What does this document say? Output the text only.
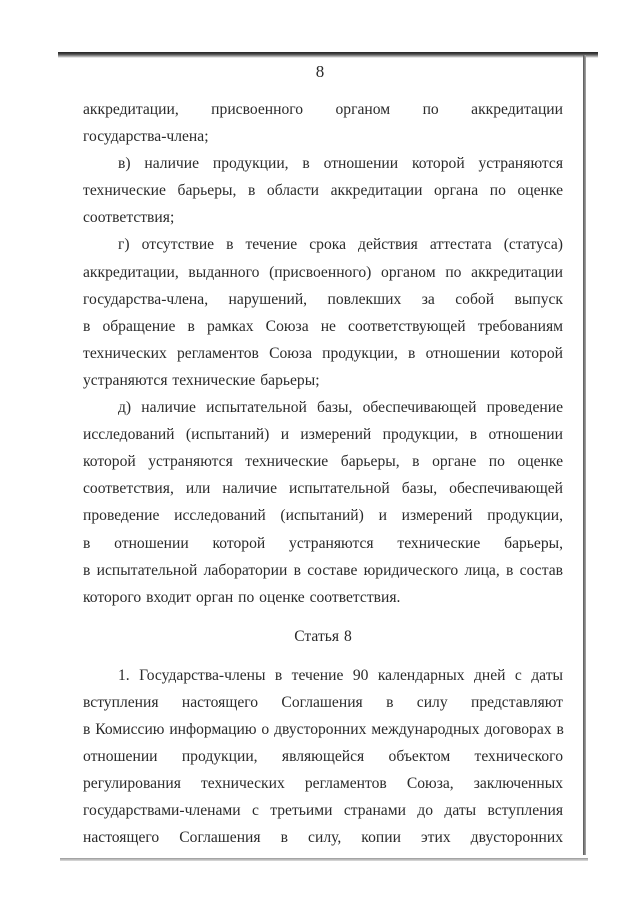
8
аккредитации, присвоенного органом по аккредитации
государства-члена;
в) наличие продукции, в отношении которой устраняются
технические барьеры, в области аккредитации органа по оценке
соответствия;
г) отсутствие в течение срока действия аттестата (статуса)
аккредитации, выданного (присвоенного) органом по аккредитации
государства-члена, нарушений, повлекших за собой выпуск
в обращение в рамках Союза не соответствующей требованиям
технических регламентов Союза продукции, в отношении которой
устраняются технические барьеры;
д) наличие испытательной базы, обеспечивающей проведение
исследований (испытаний) и измерений продукции, в отношении
которой устраняются технические барьеры, в органе по оценке
соответствия, или наличие испытательной базы, обеспечивающей
проведение исследований (испытаний) и измерений продукции,
в отношении которой устраняются технические барьеры,
в испытательной лаборатории в составе юридического лица, в состав
которого входит орган по оценке соответствия.
Статья 8
1. Государства-члены в течение 90 календарных дней с даты
вступления настоящего Соглашения в силу представляют
в Комиссию информацию о двусторонних международных договорах в
отношении продукции, являющейся объектом технического
регулирования технических регламентов Союза, заключенных
государствами-членами с третьими странами до даты вступления
настоящего Соглашения в силу, копии этих двусторонних
